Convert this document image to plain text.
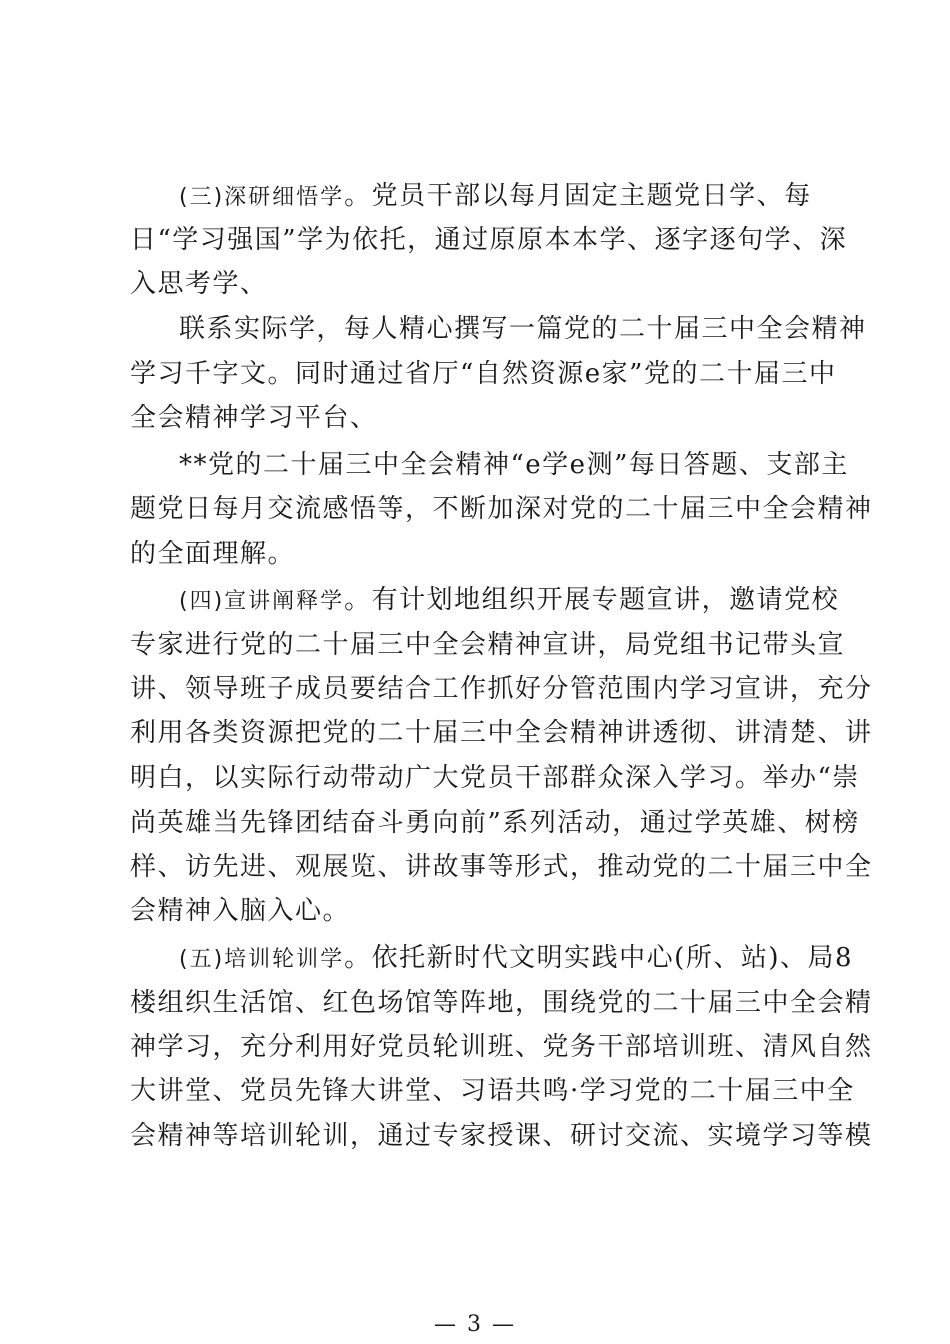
(三)深研细悟学。党员干部以每月固定主题党日学、每
日“学习强国”学为依托，通过原原本本学、逐字逐句学、深
入思考学、
联系实际学，每人精心撰写一篇党的二十届三中全会精神
学习千字文。同时通过省厅“自然资源e家”党的二十届三中
全会精神学习平台、
**党的二十届三中全会精神“e学e测”每日答题、支部主
题党日每月交流感悟等，不断加深对党的二十届三中全会精神
的全面理解。
(四)宣讲阐释学。有计划地组织开展专题宣讲，邀请党校
专家进行党的二十届三中全会精神宣讲，局党组书记带头宣
讲、领导班子成员要结合工作抓好分管范围内学习宣讲，充分
利用各类资源把党的二十届三中全会精神讲透彻、讲清楚、讲
明白，以实际行动带动广大党员干部群众深入学习。举办“崇
尚英雄当先锋团结奋斗勇向前”系列活动，通过学英雄、树榜
样、访先进、观展览、讲故事等形式，推动党的二十届三中全
会精神入脑入心。
(五)培训轮训学。依托新时代文明实践中心(所、站)、局8
楼组织生活馆、红色场馆等阵地，围绕党的二十届三中全会精
神学习，充分利用好党员轮训班、党务干部培训班、清风自然
大讲堂、党员先锋大讲堂、习语共鸣·学习党的二十届三中全
会精神等培训轮训，通过专家授课、研讨交流、实境学习等模
— 3 —
